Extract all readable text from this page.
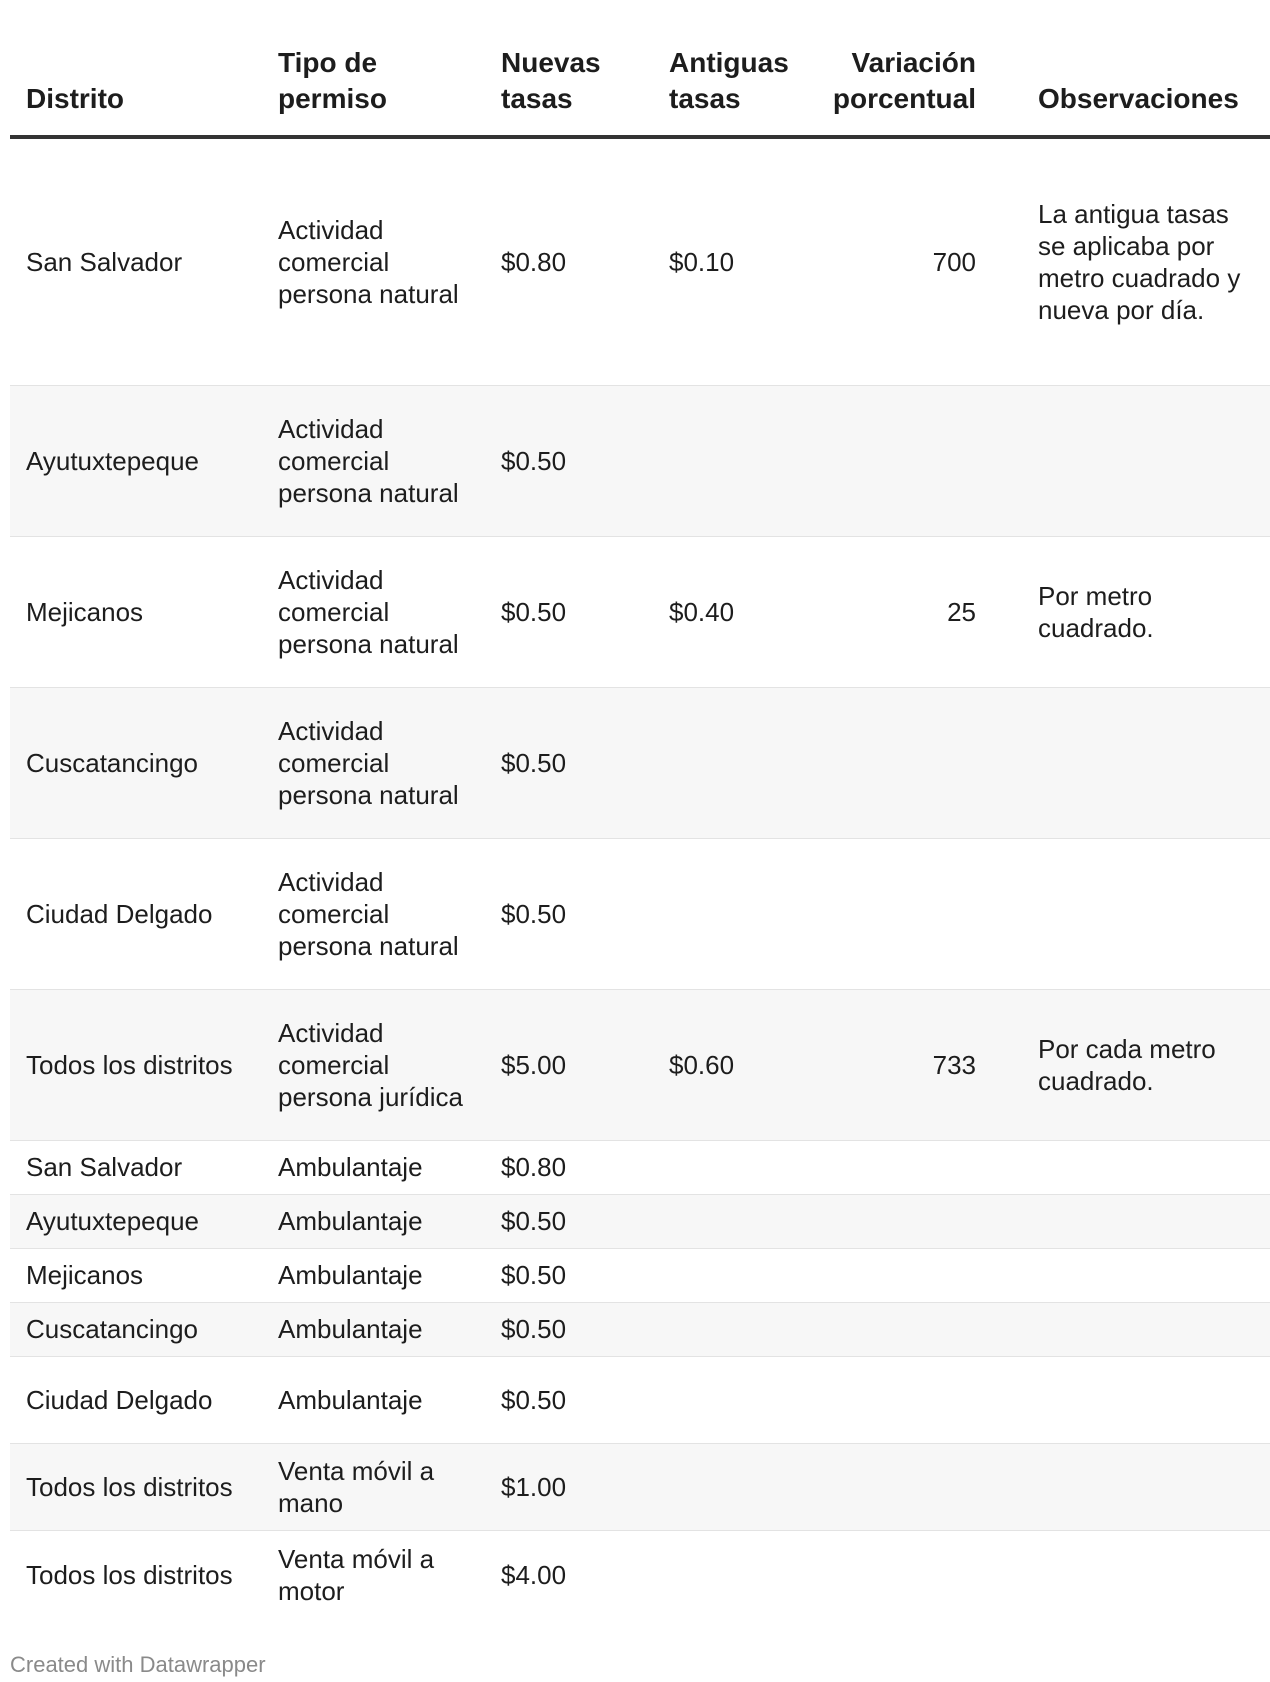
Distrito	Tipo de permiso	Nuevas tasas	Antiguas tasas	Variación porcentual	Observaciones
San Salvador	Actividad comercial persona natural	$0.80	$0.10	700	La antigua tasas se aplicaba por metro cuadrado y nueva por día.
Ayutuxtepeque	Actividad comercial persona natural	$0.50			
Mejicanos	Actividad comercial persona natural	$0.50	$0.40	25	Por metro cuadrado.
Cuscatancingo	Actividad comercial persona natural	$0.50			
Ciudad Delgado	Actividad comercial persona natural	$0.50			
Todos los distritos	Actividad comercial persona jurídica	$5.00	$0.60	733	Por cada metro cuadrado.
San Salvador	Ambulantaje	$0.80			
Ayutuxtepeque	Ambulantaje	$0.50			
Mejicanos	Ambulantaje	$0.50			
Cuscatancingo	Ambulantaje	$0.50			
Ciudad Delgado	Ambulantaje	$0.50			
Todos los distritos	Venta móvil a mano	$1.00			
Todos los distritos	Venta móvil a motor	$4.00			
Created with Datawrapper
